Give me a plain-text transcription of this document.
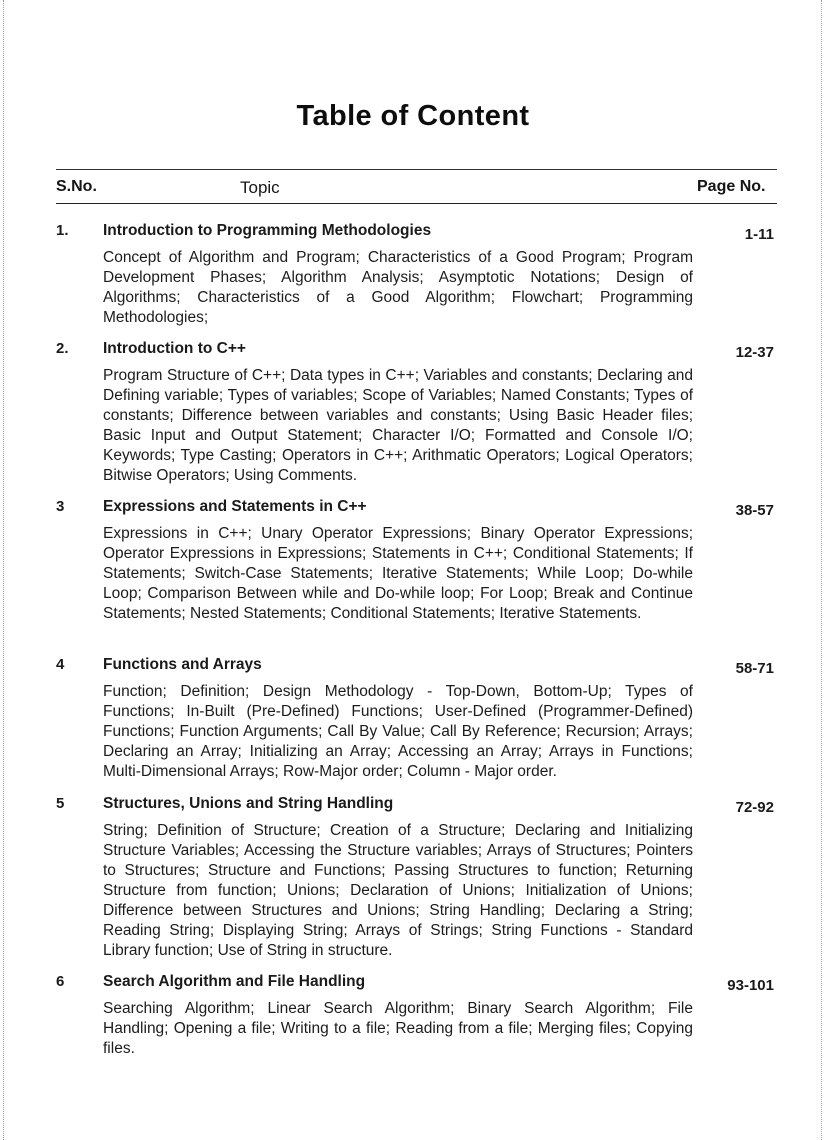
Table of Content
S.No.	Topic	Page No.
1. Introduction to Programming Methodologies	1-11
Concept of Algorithm and Program; Characteristics of a Good Program; Program Development Phases; Algorithm Analysis; Asymptotic Notations; Design of Algorithms; Characteristics of a Good Algorithm; Flowchart; Programming Methodologies;
2. Introduction to C++	12-37
Program Structure of C++; Data types in C++; Variables and constants; Declaring and Defining variable; Types of variables; Scope of Variables; Named Constants; Types of constants; Difference between variables and constants; Using Basic Header files; Basic Input and Output Statement; Character I/O; Formatted and Console I/O; Keywords; Type Casting; Operators in C++; Arithmatic Operators; Logical Operators; Bitwise Operators; Using Comments.
3 Expressions and Statements in C++	38-57
Expressions in C++; Unary Operator Expressions; Binary Operator Expressions; Operator Expressions in Expressions; Statements in C++; Conditional Statements; If Statements; Switch-Case Statements; Iterative Statements; While Loop; Do-while Loop; Comparison Between while and Do-while loop; For Loop; Break and Continue Statements; Nested Statements; Conditional Statements; Iterative Statements.
4 Functions and Arrays	58-71
Function; Definition; Design Methodology - Top-Down, Bottom-Up; Types of Functions; In-Built (Pre-Defined) Functions; User-Defined (Programmer-Defined) Functions; Function Arguments; Call By Value; Call By Reference; Recursion; Arrays; Declaring an Array; Initializing an Array; Accessing an Array; Arrays in Functions; Multi-Dimensional Arrays; Row-Major order; Column - Major order.
5 Structures, Unions and String Handling	72-92
String; Definition of Structure; Creation of a Structure; Declaring and Initializing Structure Variables; Accessing the Structure variables; Arrays of Structures; Pointers to Structures; Structure and Functions; Passing Structures to function; Returning Structure from function; Unions; Declaration of Unions; Initialization of Unions; Difference between Structures and Unions; String Handling; Declaring a String; Reading String; Displaying String; Arrays of Strings; String Functions - Standard Library function; Use of String in structure.
6 Search Algorithm and File Handling	93-101
Searching Algorithm; Linear Search Algorithm; Binary Search Algorithm; File Handling; Opening a file; Writing to a file; Reading from a file; Merging files; Copying files.
